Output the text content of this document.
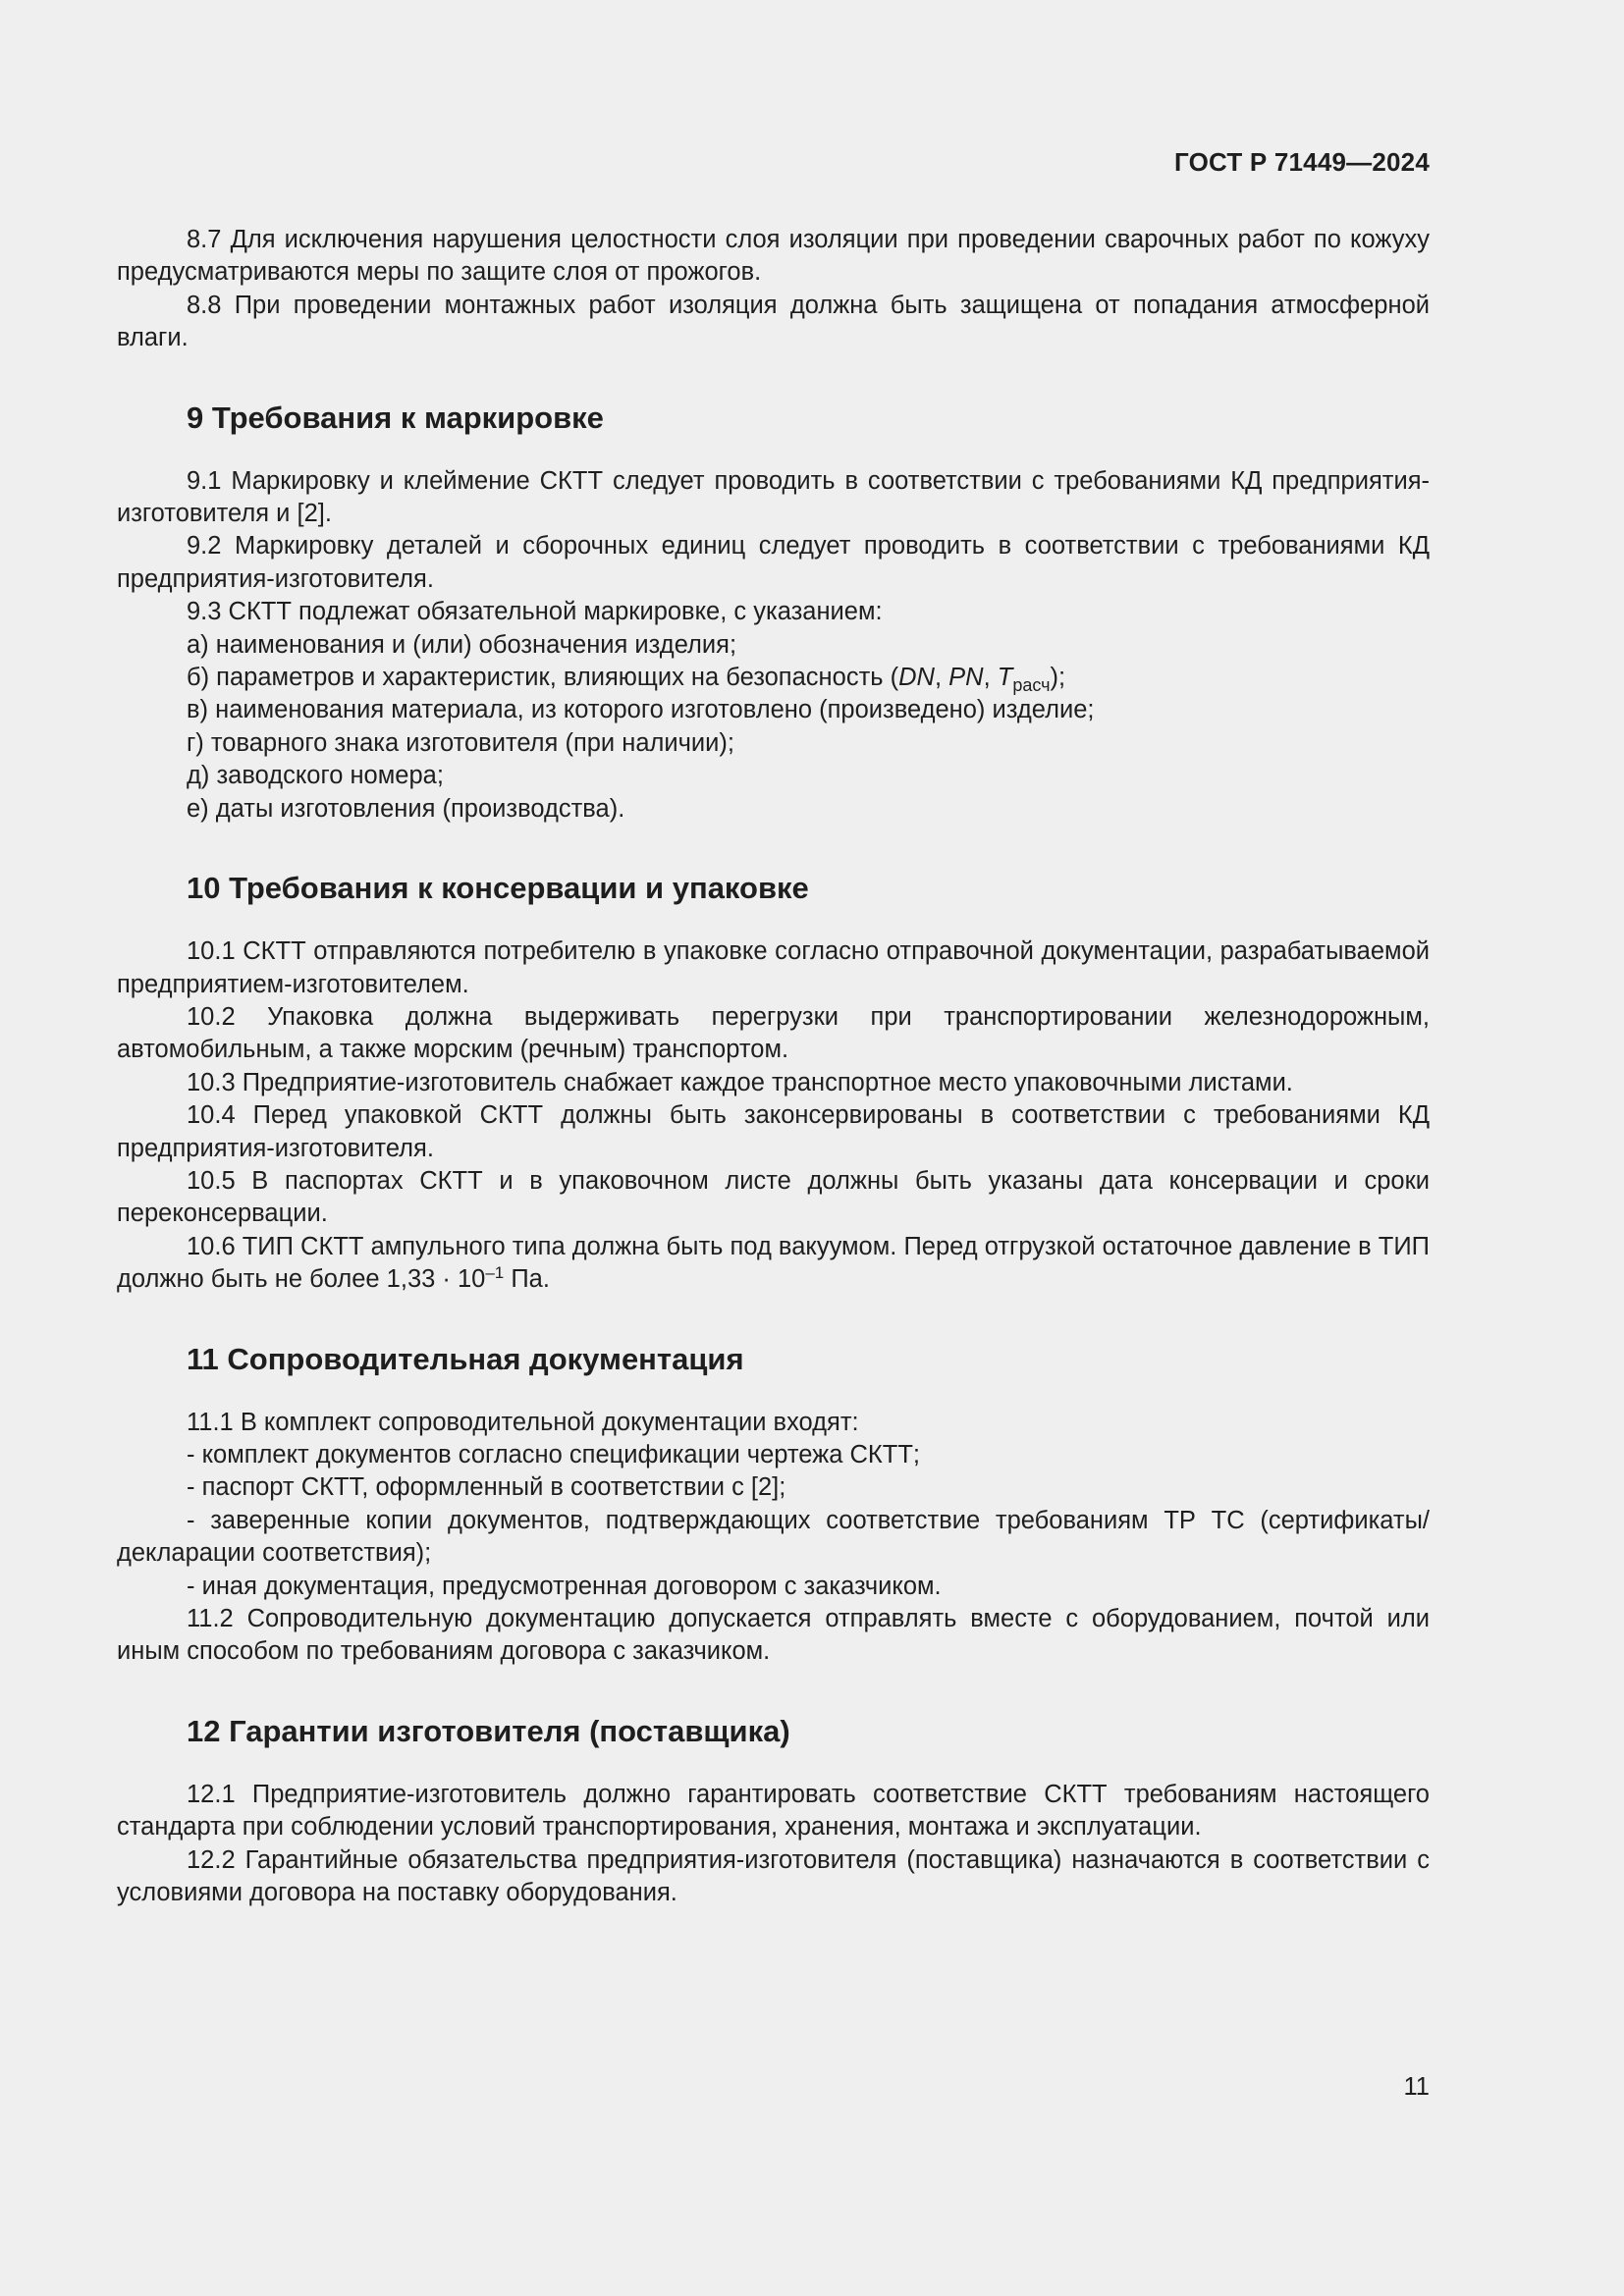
ГОСТ Р 71449—2024

8.7 Для исключения нарушения целостности слоя изоляции при проведении сварочных работ по кожуху предусматриваются меры по защите слоя от прожогов.

8.8 При проведении монтажных работ изоляция должна быть защищена от попадания атмосферной влаги.

9 Требования к маркировке

9.1 Маркировку и клеймение СКТТ следует проводить в соответствии с требованиями КД предприятия-изготовителя и [2].

9.2 Маркировку деталей и сборочных единиц следует проводить в соответствии с требованиями КД предприятия-изготовителя.

9.3 СКТТ подлежат обязательной маркировке, с указанием:

а) наименования и (или) обозначения изделия;

б) параметров и характеристик, влияющих на безопасность (DN, PN, $T_{расч}$);

в) наименования материала, из которого изготовлено (произведено) изделие;

г) товарного знака изготовителя (при наличии);

д) заводского номера;

е) даты изготовления (производства).

10 Требования к консервации и упаковке

10.1 СКТТ отправляются потребителю в упаковке согласно отправочной документации, разрабатываемой предприятием-изготовителем.

10.2 Упаковка должна выдерживать перегрузки при транспортировании железнодорожным, автомобильным, а также морским (речным) транспортом.

10.3 Предприятие-изготовитель снабжает каждое транспортное место упаковочными листами.

10.4 Перед упаковкой СКТТ должны быть законсервированы в соответствии с требованиями КД предприятия-изготовителя.

10.5 В паспортах СКТТ и в упаковочном листе должны быть указаны дата консервации и сроки переконсервации.

10.6 ТИП СКТТ ампульного типа должна быть под вакуумом. Перед отгрузкой остаточное давление в ТИП должно быть не более $1,33 \cdot 10^{-1}$ Па.

11 Сопроводительная документация

11.1 В комплект сопроводительной документации входят:

- комплект документов согласно спецификации чертежа СКТТ;

- паспорт СКТТ, оформленный в соответствии с [2];

- заверенные копии документов, подтверждающих соответствие требованиям ТР ТС (сертификаты/декларации соответствия);

- иная документация, предусмотренная договором с заказчиком.

11.2 Сопроводительную документацию допускается отправлять вместе с оборудованием, почтой или иным способом по требованиям договора с заказчиком.

12 Гарантии изготовителя (поставщика)

12.1 Предприятие-изготовитель должно гарантировать соответствие СКТТ требованиям настоящего стандарта при соблюдении условий транспортирования, хранения, монтажа и эксплуатации.

12.2 Гарантийные обязательства предприятия-изготовителя (поставщика) назначаются в соответствии с условиями договора на поставку оборудования.

11
